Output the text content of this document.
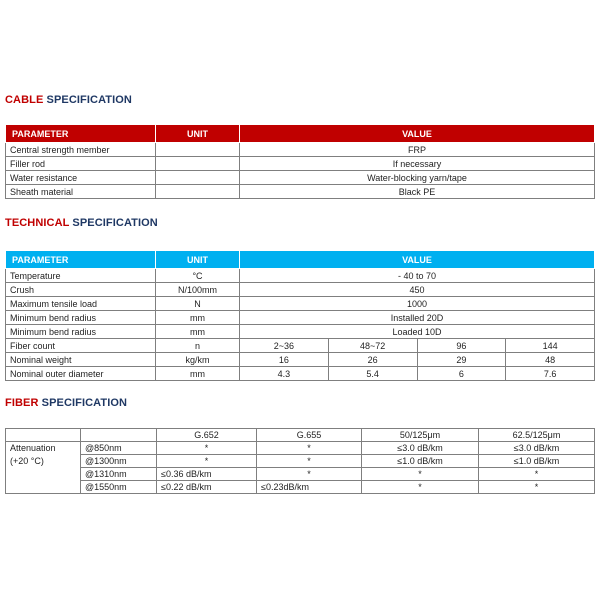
CABLE SPECIFICATION
PARAMETER	UNIT	VALUE
Central strength member		FRP
Filler rod		If necessary
Water resistance		Water-blocking yarn/tape
Sheath material		Black PE
TECHNICAL SPECIFICATION
PARAMETER	UNIT	VALUE			
Temperature	°C	- 40 to 70			
Crush	N/100mm	450			
Maximum tensile load	N	1000			
Minimum bend radius	mm	Installed 20D			
Minimum bend radius	mm	Loaded 10D			
Fiber count	n	2~36	48~72	96	144
Nominal weight	kg/km	16	26	29	48
Nominal outer diameter	mm	4.3	5.4	6	7.6
FIBER SPECIFICATION
		G.652	G.655	50/125μm	62.5/125μm
Attenuation	@850nm	*	*	≤3.0 dB/km	≤3.0 dB/km
(+20 °C)	@1300nm	*	*	≤1.0 dB/km	≤1.0 dB/km
	@1310nm	≤0.36 dB/km	*	*	*
	@1550nm	≤0.22 dB/km	≤0.23dB/km	*	*
